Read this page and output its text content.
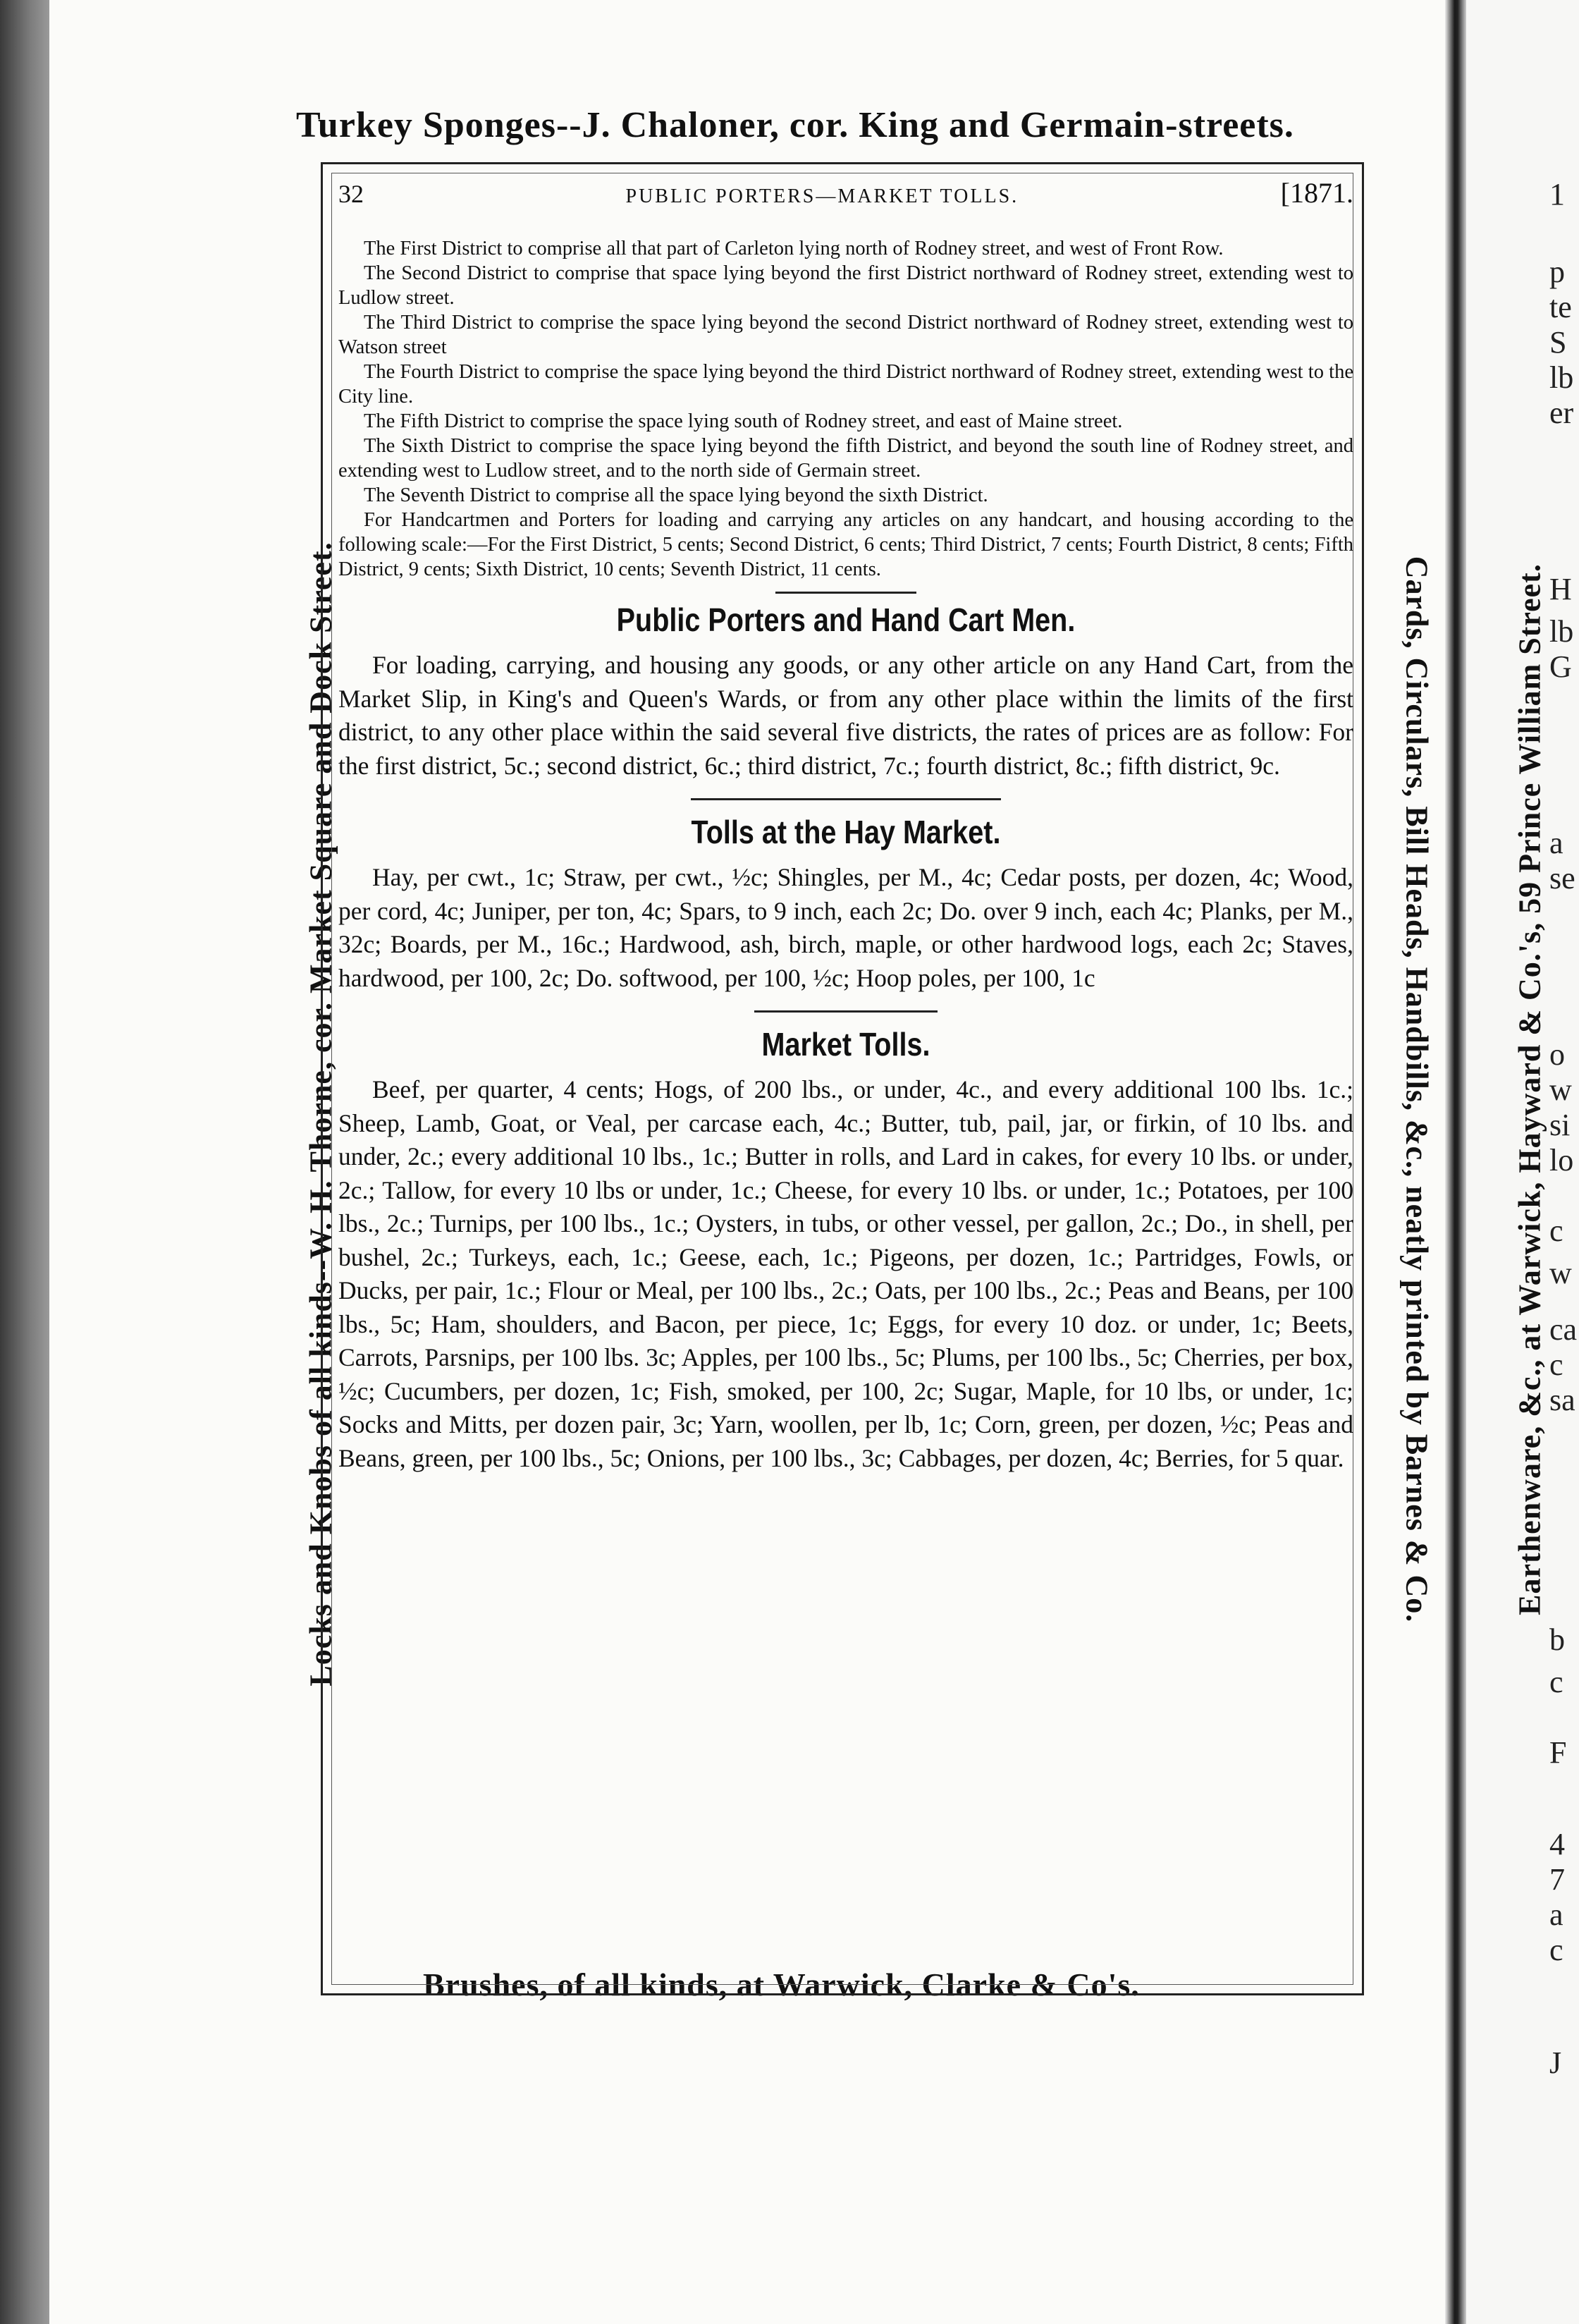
1
p
te
S
lb
er
H
lb
G
a
se
o
w
si
lo
c
w
ca
c
sa
b
c
F
4
7
a
c
J
Turkey Sponges--J. Chaloner, cor. King and Germain-streets.
Brushes, of all kinds, at Warwick, Clarke & Co's.
Locks and Knobs of all kinds--W. H. Thorne, cor. Market Square and Dock Street.	Cards, Circulars, Bill Heads, Handbills, &c., neatly printed by Barnes & Co.	Earthenware, &c., at Warwick, Hayward & Co.'s, 59 Prince William Street.
32	PUBLIC PORTERS—MARKET TOLLS.	[1871.

The First District to comprise all that part of Carleton lying north of Rodney street, and west of Front Row.

The Second District to comprise that space lying beyond the first District northward of Rodney street, extending west to Ludlow street.

The Third District to comprise the space lying beyond the second District northward of Rodney street, extending west to Watson street

The Fourth District to comprise the space lying beyond the third District northward of Rodney street, extending west to the City line.

The Fifth District to comprise the space lying south of Rodney street, and east of Maine street.

The Sixth District to comprise the space lying beyond the fifth District, and beyond the south line of Rodney street, and extending west to Ludlow street, and to the north side of Germain street.

The Seventh District to comprise all the space lying beyond the sixth District.

For Handcartmen and Porters for loading and carrying any articles on any handcart, and housing according to the following scale:—For the First District, 5 cents; Second District, 6 cents; Third District, 7 cents; Fourth District, 8 cents; Fifth District, 9 cents; Sixth District, 10 cents; Seventh District, 11 cents.

Public Porters and Hand Cart Men.

For loading, carrying, and housing any goods, or any other article on any Hand Cart, from the Market Slip, in King's and Queen's Wards, or from any other place within the limits of the first district, to any other place within the said several five districts, the rates of prices are as follow: For the first district, 5c.; second district, 6c.; third district, 7c.; fourth district, 8c.; fifth district, 9c.

Tolls at the Hay Market.

Hay, per cwt., 1c; Straw, per cwt., ½c; Shingles, per M., 4c; Cedar posts, per dozen, 4c; Wood, per cord, 4c; Juniper, per ton, 4c; Spars, to 9 inch, each 2c; Do. over 9 inch, each 4c; Planks, per M., 32c; Boards, per M., 16c.; Hardwood, ash, birch, maple, or other hardwood logs, each 2c; Staves, hardwood, per 100, 2c; Do. softwood, per 100, ½c; Hoop poles, per 100, 1c

Market Tolls.

Beef, per quarter, 4 cents; Hogs, of 200 lbs., or under, 4c., and every additional 100 lbs. 1c.; Sheep, Lamb, Goat, or Veal, per carcase each, 4c.; Butter, tub, pail, jar, or firkin, of 10 lbs. and under, 2c.; every additional 10 lbs., 1c.; Butter in rolls, and Lard in cakes, for every 10 lbs. or under, 2c.; Tallow, for every 10 lbs or under, 1c.; Cheese, for every 10 lbs. or under, 1c.; Potatoes, per 100 lbs., 2c.; Turnips, per 100 lbs., 1c.; Oysters, in tubs, or other vessel, per gallon, 2c.; Do., in shell, per bushel, 2c.; Turkeys, each, 1c.; Geese, each, 1c.; Pigeons, per dozen, 1c.; Partridges, Fowls, or Ducks, per pair, 1c.; Flour or Meal, per 100 lbs., 2c.; Oats, per 100 lbs., 2c.; Peas and Beans, per 100 lbs., 5c; Ham, shoulders, and Bacon, per piece, 1c; Eggs, for every 10 doz. or under, 1c; Beets, Carrots, Parsnips, per 100 lbs. 3c; Apples, per 100 lbs., 5c; Plums, per 100 lbs., 5c; Cherries, per box, ½c; Cucumbers, per dozen, 1c; Fish, smoked, per 100, 2c; Sugar, Maple, for 10 lbs, or under, 1c; Socks and Mitts, per dozen pair, 3c; Yarn, woollen, per lb, 1c; Corn, green, per dozen, ½c; Peas and Beans, green, per 100 lbs., 5c; Onions, per 100 lbs., 3c; Cabbages, per dozen, 4c; Berries, for 5 quar.
